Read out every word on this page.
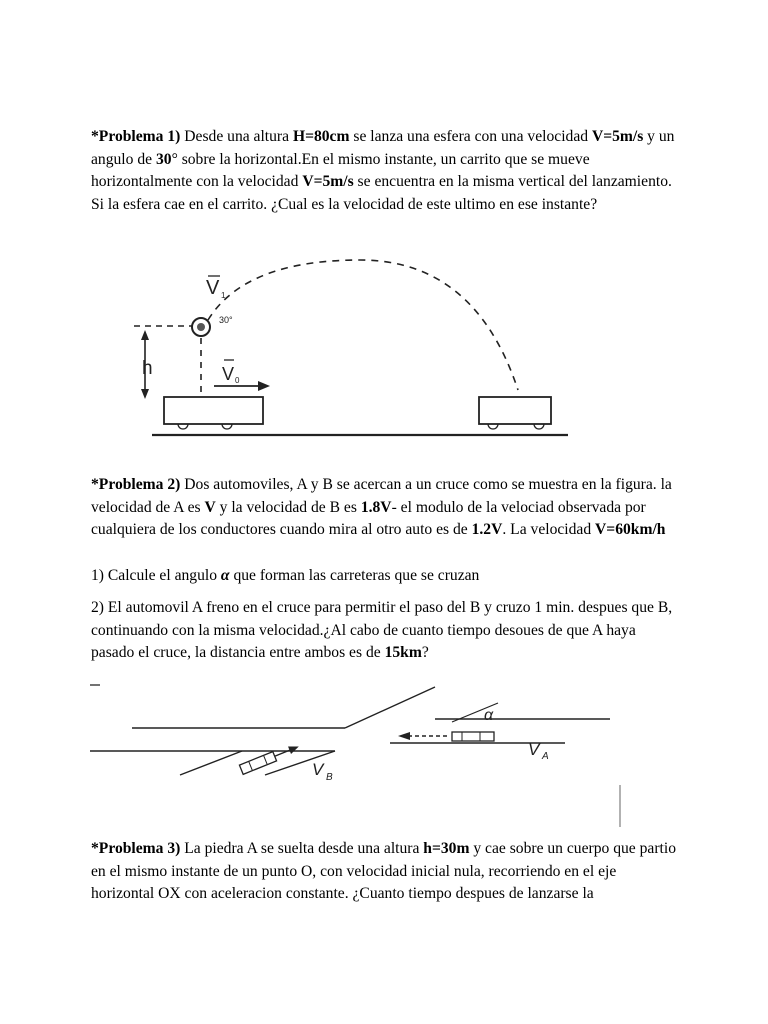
*Problema 1) Desde una altura H=80cm se lanza una esfera con una velocidad V=5m/s y un angulo de 30° sobre la horizontal.En el mismo instante, un carrito que se mueve horizontalmente con la velocidad V=5m/s se encuentra en la misma vertical del lanzamiento. Si la esfera cae en el carrito. ¿Cual es la velocidad de este ultimo en ese instante?

V 1
30°
h	V 0

*Problema 2) Dos automoviles, A y B se acercan a un cruce como se muestra en la figura. la velocidad de A es V y la velocidad de B es 1.8V- el modulo de la velociad observada por cualquiera de los conductores cuando mira al otro auto es de 1.2V. La velocidad V=60km/h

1) Calcule el angulo α que forman las carreteras que se cruzan

2) El automovil A freno en el cruce para permitir el paso del B y cruzo 1 min. despues que B, continuando con la misma velocidad.¿Al cabo de cuanto tiempo desoues de que A haya pasado el cruce, la distancia entre ambos es de 15km?

α
V A
V B

*Problema 3) La piedra A se suelta desde una altura h=30m y cae sobre un cuerpo que partio en el mismo instante de un punto O, con velocidad inicial nula, recorriendo en el eje horizontal OX con aceleracion constante. ¿Cuanto tiempo despues de lanzarse la
